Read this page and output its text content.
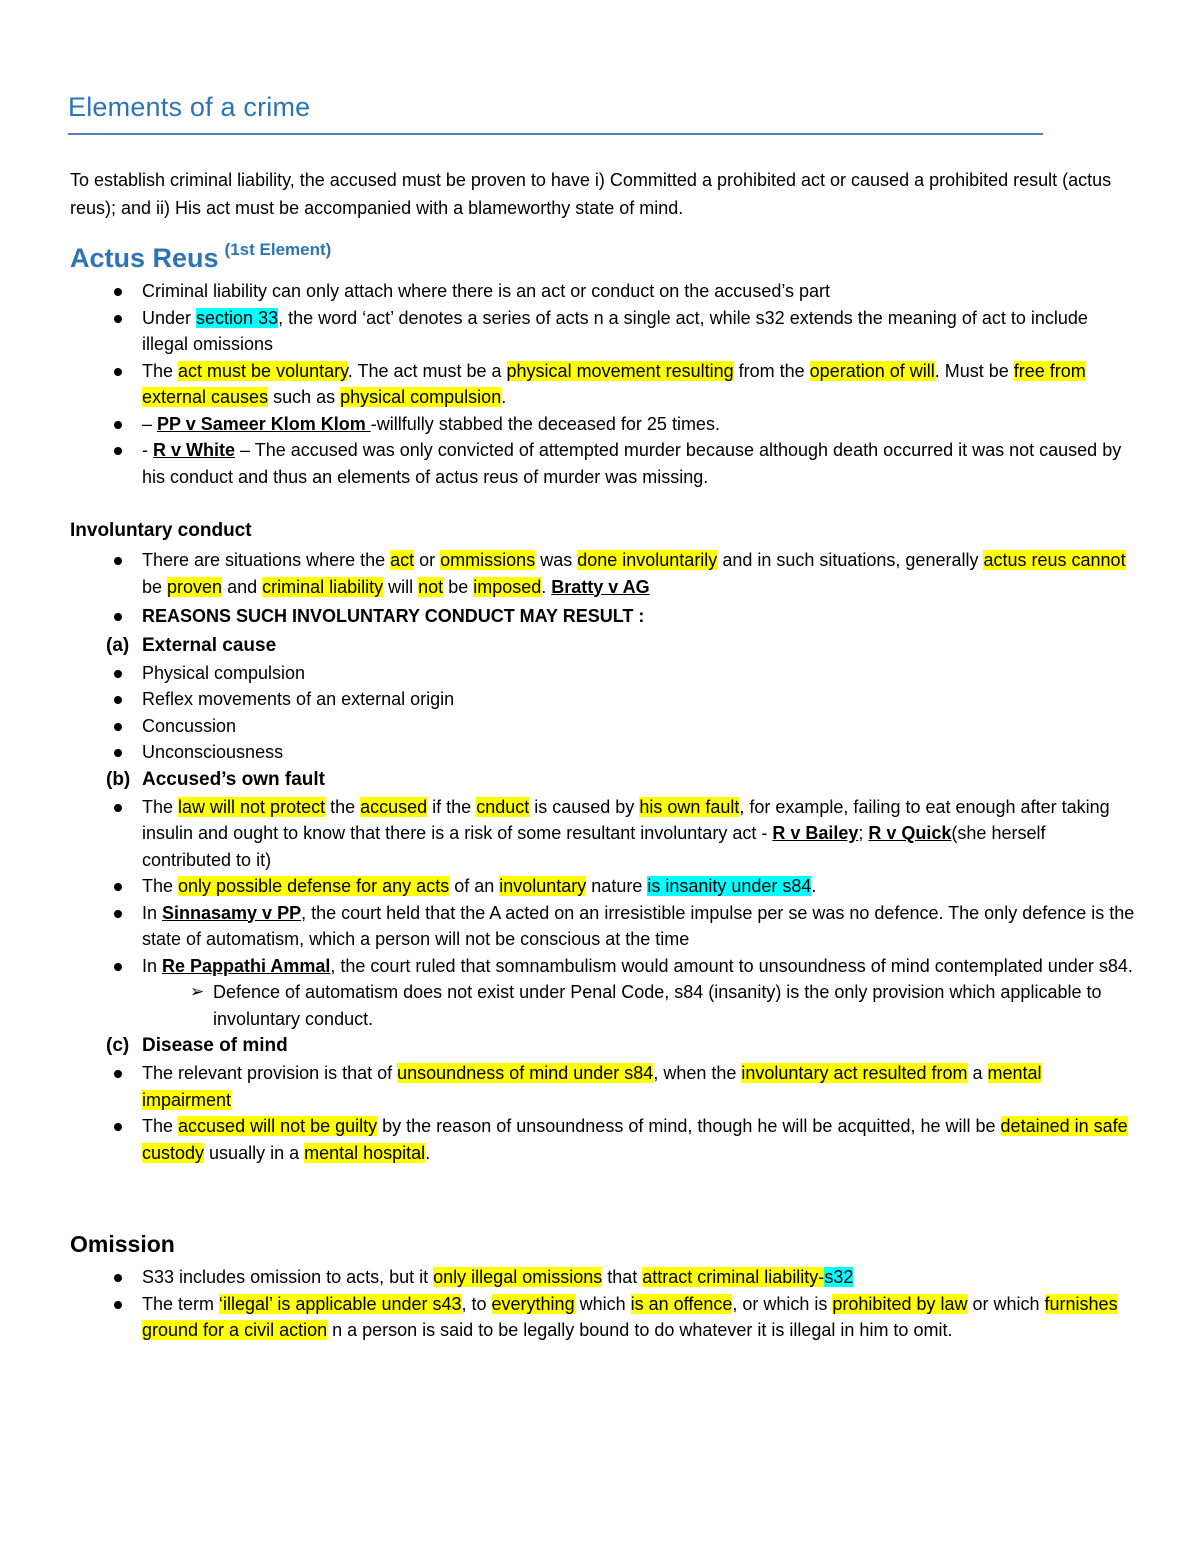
Elements of a crime

To establish criminal liability, the accused must be proven to have i) Committed a prohibited act or caused a prohibited result (actus reus); and ii) His act must be accompanied with a blameworthy state of mind.

Actus Reus $^{(1st Element)}$
Criminal liability can only attach where there is an act or conduct on the accused’s part
Under section 33, the word ‘act’ denotes a series of acts n a single act, while s32 extends the meaning of act to include illegal omissions
The act must be voluntary. The act must be a physical movement resulting from the operation of will. Must be free from external causes such as physical compulsion.
– PP v Sameer Klom Klom -willfully stabbed the deceased for 25 times.
- R v White – The accused was only convicted of attempted murder because although death occurred it was not caused by his conduct and thus an elements of actus reus of murder was missing.
Involuntary conduct
There are situations where the act or ommissions was done involuntarily and in such situations, generally actus reus cannot be proven and criminal liability will not be imposed. Bratty v AG
REASONS SUCH INVOLUNTARY CONDUCT MAY RESULT :
(a) External cause
Physical compulsion
Reflex movements of an external origin
Concussion
Unconsciousness
(b) Accused’s own fault
The law will not protect the accused if the cnduct is caused by his own fault, for example, failing to eat enough after taking insulin and ought to know that there is a risk of some resultant involuntary act - R v Bailey; R v Quick(she herself contributed to it)
The only possible defense for any acts of an involuntary nature is insanity under s84.
In Sinnasamy v PP, the court held that the A acted on an irresistible impulse per se was no defence. The only defence is the state of automatism, which a person will not be conscious at the time
In Re Pappathi Ammal, the court ruled that somnambulism would amount to unsoundness of mind contemplated under s84.
➢ Defence of automatism does not exist under Penal Code, s84 (insanity) is the only provision which applicable to involuntary conduct.
(c) Disease of mind
The relevant provision is that of unsoundness of mind under s84, when the involuntary act resulted from a mental impairment
The accused will not be guilty by the reason of unsoundness of mind, though he will be acquitted, he will be detained in safe custody usually in a mental hospital.
Omission
S33 includes omission to acts, but it only illegal omissions that attract criminal liability-s32
The term ‘illegal’ is applicable under s43, to everything which is an offence, or which is prohibited by law or which furnishes ground for a civil action n a person is said to be legally bound to do whatever it is illegal in him to omit.
